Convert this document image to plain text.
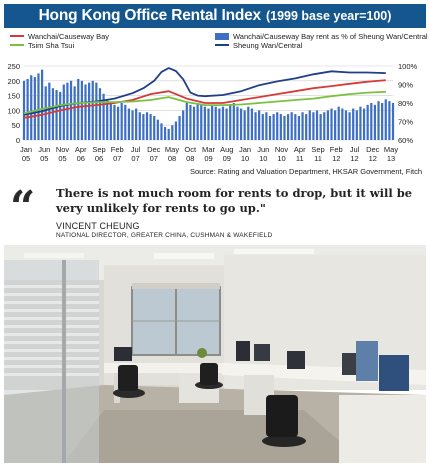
Hong Kong Office Rental Index (1999 base year=100)
Wanchai/Causeway Bay
Tsim Sha Tsui
Wanchai/Causeway Bay rent as % of Sheung Wan/Central
Sheung Wan/Central
0
50
100
150
200
250
60%
70%
80%
90%
100%
Jan
05
Jun
05
Nov
05
Apr
06
Sep
06
Feb
07
Jul
07
Dec
07
May
08
Oct
08
Mar
09
Aug
09
Jan
10
Jun
10
Nov
10
Apr
11
Sep
11
Feb
12
Jul
12
Dec
12
May
13
Source: Rating and Valuation Department, HKSAR Government, Fitch
“ There is not much room for rents to drop, but it will be very unlikely for rents to go up."
VINCENT CHEUNG
NATIONAL DIRECTOR, GREATER CHINA, CUSHMAN & WAKEFIELD
